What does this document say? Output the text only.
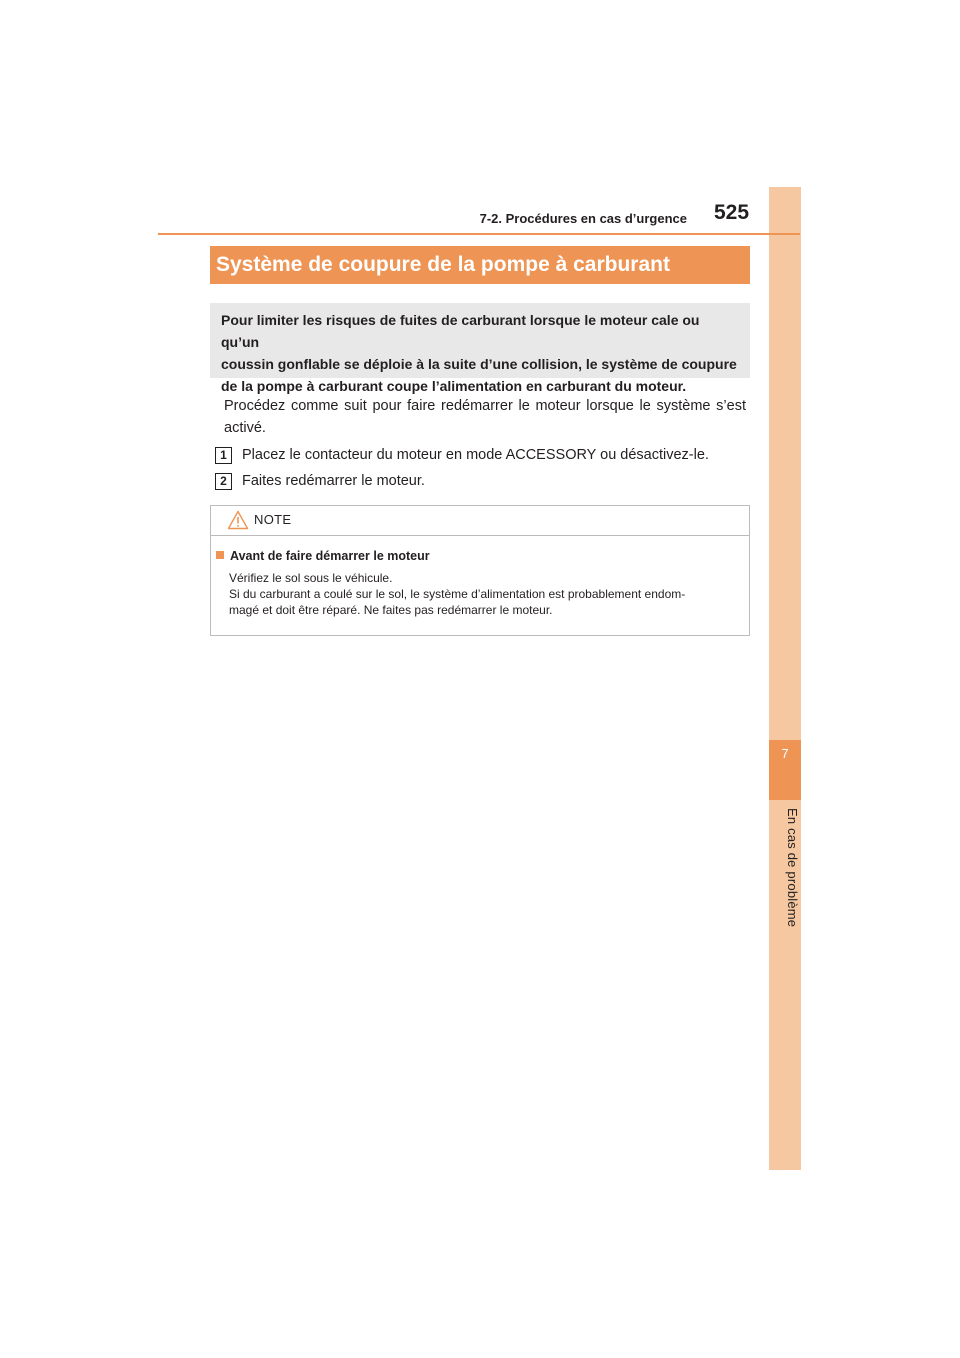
7
En cas de problème
7-2. Procédures en cas d’urgence 525
Système de coupure de la pompe à carburant
Pour limiter les risques de fuites de carburant lorsque le moteur cale ou qu’un
coussin gonflable se déploie à la suite d’une collision, le système de coupure
de la pompe à carburant coupe l’alimentation en carburant du moteur.
Procédez comme suit pour faire redémarrer le moteur lorsque le système s’est activé.
1	Placez le contacteur du moteur en mode ACCESSORY ou désactivez-le.
2	Faites redémarrer le moteur.
NOTE
Avant de faire démarrer le moteur
Vérifiez le sol sous le véhicule.
Si du carburant a coulé sur le sol, le système d’alimentation est probablement endom-
magé et doit être réparé. Ne faites pas redémarrer le moteur.
